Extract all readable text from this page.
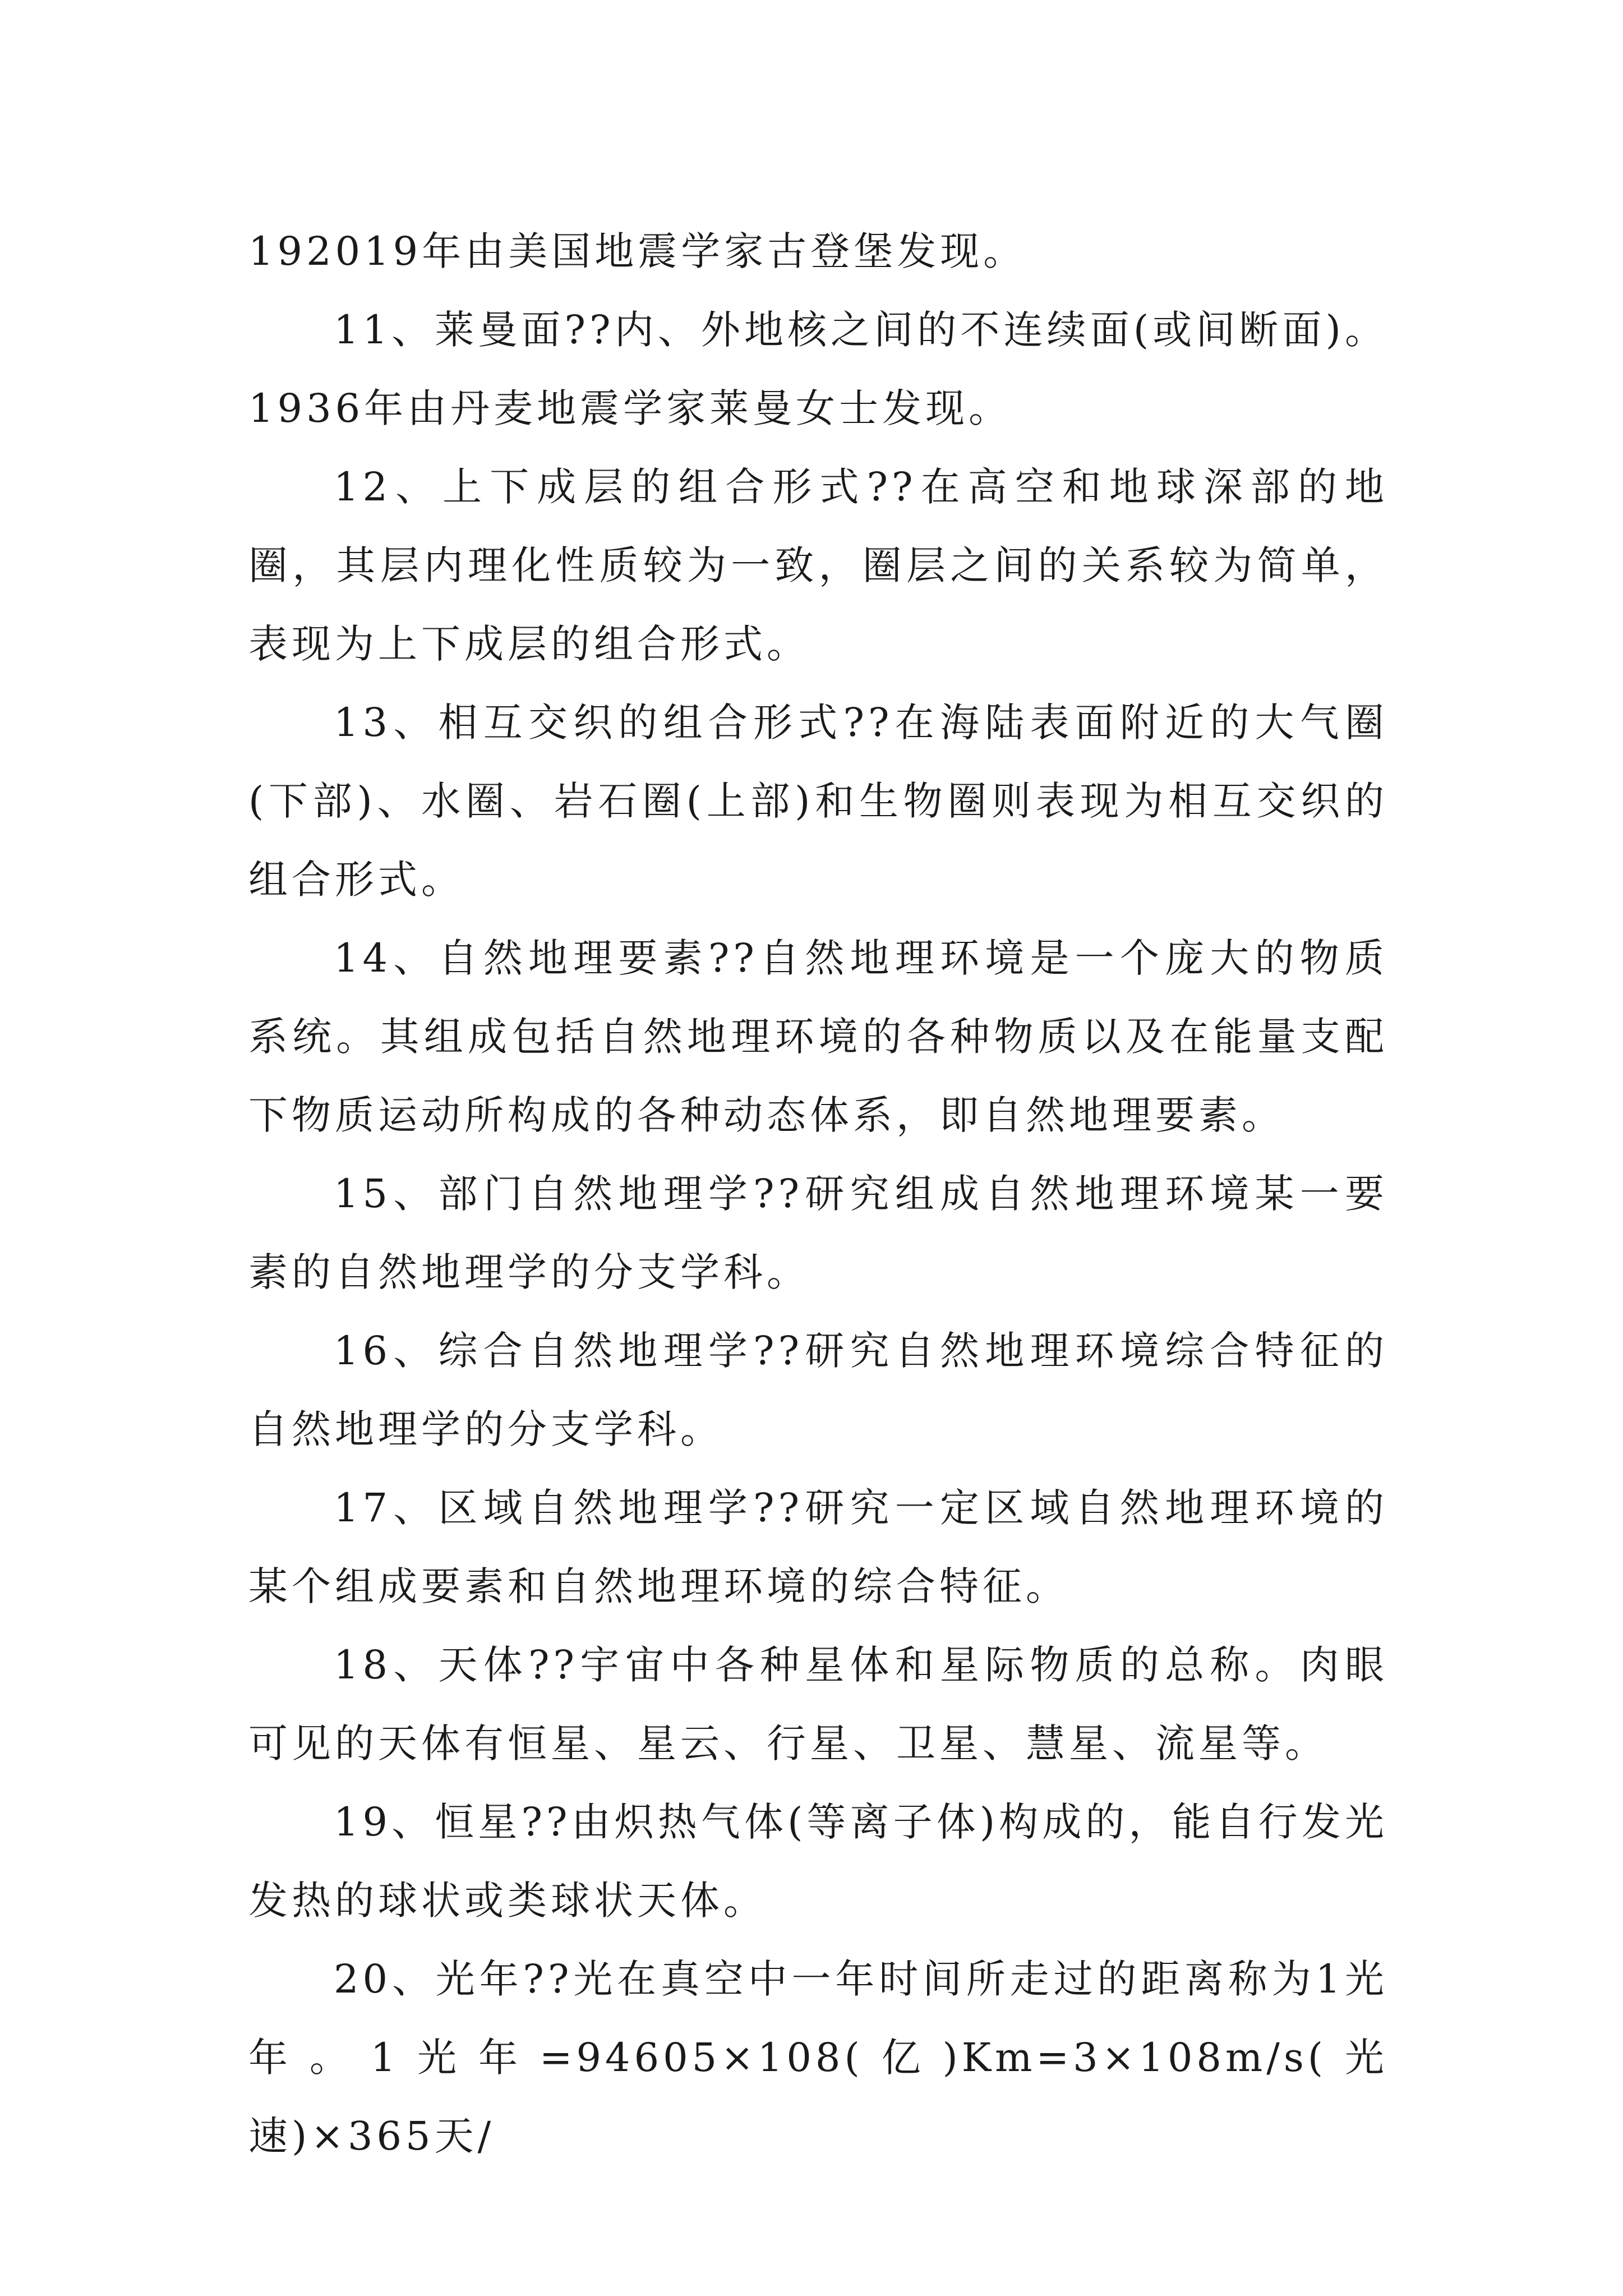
192019年由美国地震学家古登堡发现。

11、莱曼面??内、外地核之间的不连续面(或间断面)。1936年由丹麦地震学家莱曼女士发现。

12、上下成层的组合形式??在高空和地球深部的地圈，其层内理化性质较为一致，圈层之间的关系较为简单，表现为上下成层的组合形式。

13、相互交织的组合形式??在海陆表面附近的大气圈(下部)、水圈、岩石圈(上部)和生物圈则表现为相互交织的组合形式。

14、自然地理要素??自然地理环境是一个庞大的物质系统。其组成包括自然地理环境的各种物质以及在能量支配下物质运动所构成的各种动态体系，即自然地理要素。

15、部门自然地理学??研究组成自然地理环境某一要素的自然地理学的分支学科。

16、综合自然地理学??研究自然地理环境综合特征的自然地理学的分支学科。

17、区域自然地理学??研究一定区域自然地理环境的某个组成要素和自然地理环境的综合特征。

18、天体??宇宙中各种星体和星际物质的总称。肉眼可见的天体有恒星、星云、行星、卫星、慧星、流星等。

19、恒星??由炽热气体(等离子体)构成的，能自行发光发热的球状或类球状天体。

20、光年??光在真空中一年时间所走过的距离称为1光年。1光年=94605×108(亿)Km=3×108m/s(光速)×365天/
